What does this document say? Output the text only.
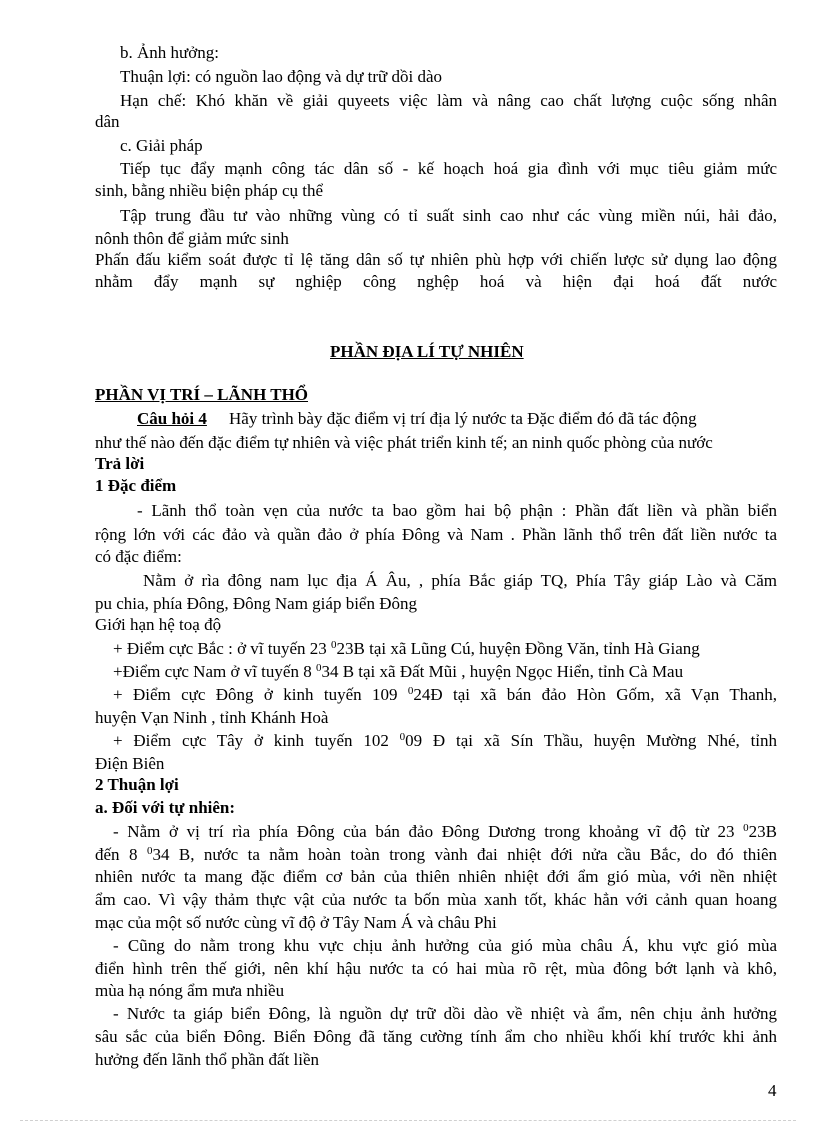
b. Ảnh hưởng:
Thuận lợi: có nguồn lao động và dự trữ dồi dào
Hạn chế: Khó khăn về giải quyeets việc làm và nâng cao chất lượng cuộc sống nhân
dân
c. Giải pháp
Tiếp tục đẩy mạnh công tác dân số - kế hoạch hoá gia đình với mục tiêu giảm mức
sinh, bằng nhiều biện pháp cụ thể
Tập trung đầu tư vào những vùng có tỉ suất sinh cao như các vùng miền núi, hải đảo,
nônh thôn để giảm mức sinh
Phấn đấu kiểm soát được tỉ lệ tăng dân số tự nhiên phù hợp với chiến lược sử dụng lao động
nhằm đẩy mạnh sự nghiệp công nghệp hoá và hiện đại hoá đất nước
PHẦN ĐỊA LÍ TỰ NHIÊN
PHẦN VỊ TRÍ – LÃNH THỔ
Câu hỏi 4 Hãy trình bày đặc điểm vị trí địa lý nước ta Đặc điểm đó đã tác động
như thế nào đến đặc điểm tự nhiên và việc phát triển kinh tế; an ninh quốc phòng của nước
Trả lời
1 Đặc điểm
- Lãnh thổ toàn vẹn của nước ta bao gồm hai bộ phận : Phần đất liền và phần biển
rộng lớn với các đảo và quần đảo ở phía Đông và Nam . Phần lãnh thổ trên đất liền nước ta
có đặc điểm:
Nằm ở rìa đông nam lục địa Á Âu, , phía Bắc giáp TQ, Phía Tây giáp Lào và Căm
pu chia, phía Đông, Đông Nam giáp biển Đông
Giới hạn hệ toạ độ
+ Điểm cực Bắc : ở vĩ tuyến 23 $^0$23B tại xã Lũng Cú, huyện Đồng Văn, tỉnh Hà Giang
+Điểm cực Nam ở vĩ tuyến 8 $^0$34 B tại xã Đất Mũi , huyện Ngọc Hiển, tỉnh Cà Mau
+ Điểm cực Đông ở kinh tuyến 109 $^0$24Đ tại xã bán đảo Hòn Gốm, xã Vạn Thanh,
huyện Vạn Ninh , tỉnh Khánh Hoà
+ Điểm cực Tây ở kinh tuyến 102 $^0$09 Đ tại xã Sín Thầu, huyện Mường Nhé, tỉnh
Điện Biên
2 Thuận lợi
a. Đối với tự nhiên:
- Nằm ở vị trí rìa phía Đông của bán đảo Đông Dương trong khoảng vĩ độ từ 23 $^0$23B
đến 8 $^0$34 B, nước ta nằm hoàn toàn trong vành đai nhiệt đới nửa cầu Bắc, do đó thiên
nhiên nước ta mang đặc điểm cơ bản của thiên nhiên nhiệt đới ẩm gió mùa, với nền nhiệt
ẩm cao. Vì vậy thảm thực vật của nước ta bốn mùa xanh tốt, khác hẳn với cảnh quan hoang
mạc của một số nước cùng vĩ độ ở Tây Nam Á và châu Phi
- Cũng do nằm trong khu vực chịu ảnh hưởng của gió mùa châu Á, khu vực gió mùa
điển hình trên thế giới, nên khí hậu nước ta có hai mùa rõ rệt, mùa đông bớt lạnh và khô,
mùa hạ nóng ẩm mưa nhiều
- Nước ta giáp biển Đông, là nguồn dự trữ dồi dào về nhiệt và ẩm, nên chịu ảnh hưởng
sâu sắc của biển Đông. Biển Đông đã tăng cường tính ẩm cho nhiều khối khí trước khi ảnh
hưởng đến lãnh thổ phần đất liền
4
